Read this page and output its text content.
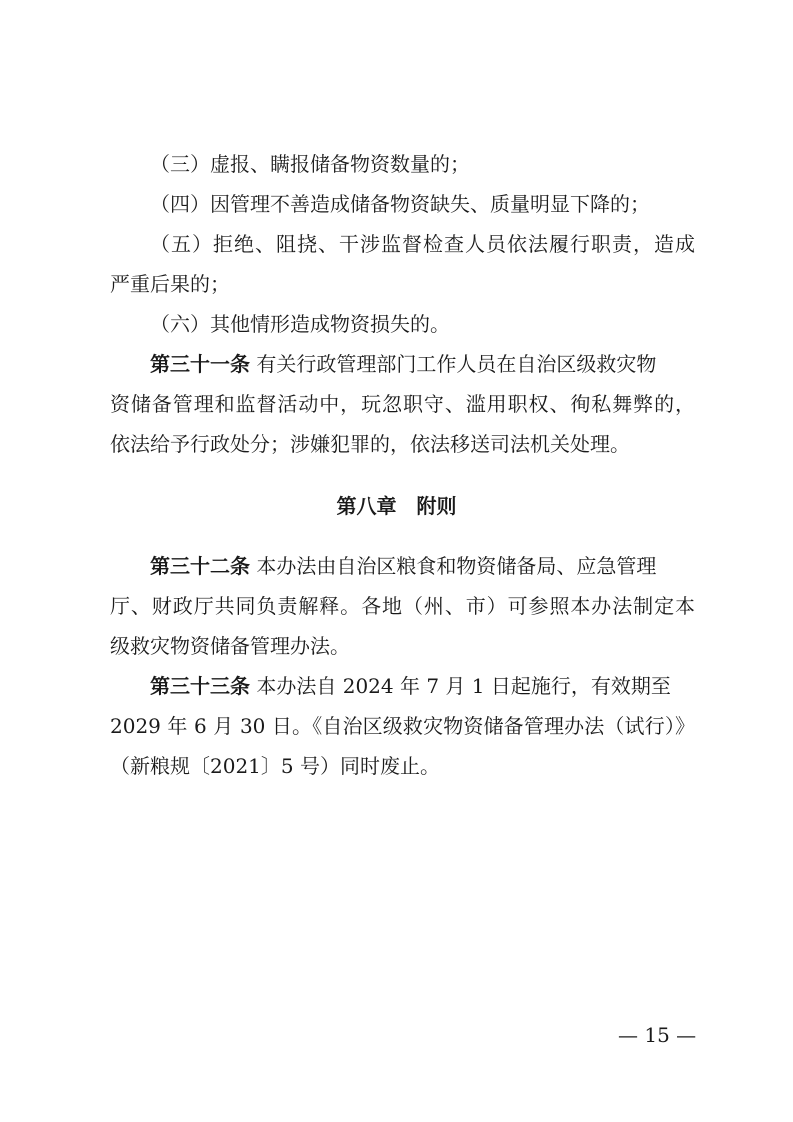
（三）虚报、瞒报储备物资数量的；
（四）因管理不善造成储备物资缺失、质量明显下降的；
（五）拒绝、阻挠、干涉监督检查人员依法履行职责，造成
严重后果的；
（六）其他情形造成物资损失的。
第三十一条 有关行政管理部门工作人员在自治区级救灾物
资储备管理和监督活动中，玩忽职守、滥用职权、徇私舞弊的，
依法给予行政处分；涉嫌犯罪的，依法移送司法机关处理。
第八章　附则
第三十二条 本办法由自治区粮食和物资储备局、应急管理
厅、财政厅共同负责解释。各地（州、市）可参照本办法制定本
级救灾物资储备管理办法。
第三十三条 本办法自 2024 年 7 月 1 日起施行，有效期至
2029 年 6 月 30 日。《自治区级救灾物资储备管理办法（试行）》
（新粮规〔2021〕5 号）同时废止。
— 15 —
